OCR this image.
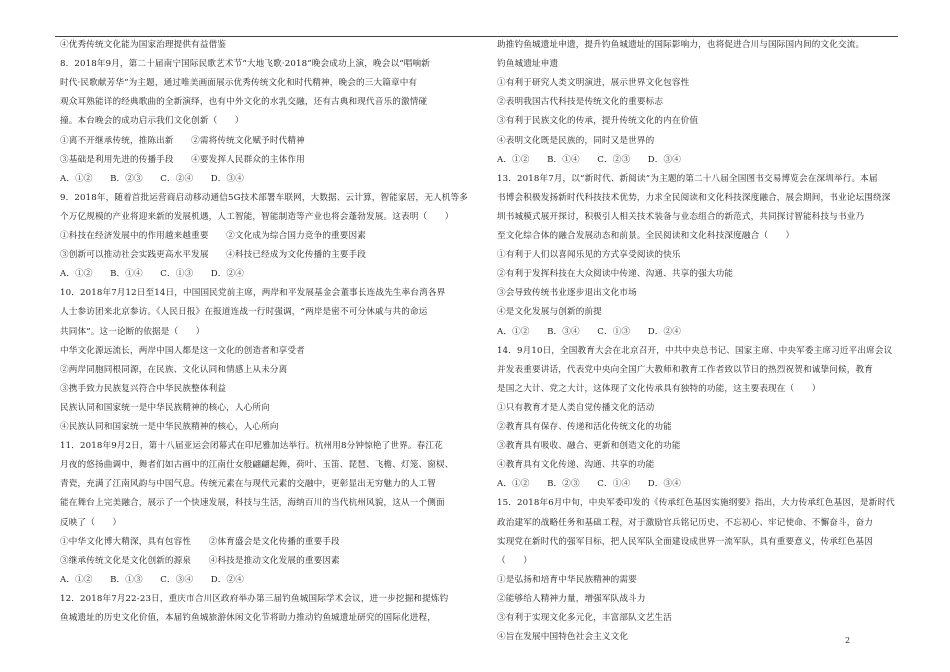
④优秀传统文化能为国家治理提供有益借鉴
8．2018年9月，第二十届南宁国际民歌艺术节“大地飞歌·2018”晚会成功上演，晚会以“唱响新
时代·民歌献芳华”为主题，通过唯美画面展示优秀传统文化和时代精神，晚会的三大篇章中有
观众耳熟能详的经典歌曲的全新演绎，也有中外文化的水乳交融，还有古典和现代音乐的激情碰
撞。本台晚会的成功启示我们文化创新（　　）
①离不开继承传统，推陈出新　　②需将传统文化赋予时代精神
③基础是利用先进的传播手段　　④要发挥人民群众的主体作用
A．①②　　B．②③　　C．②④　　D．③④
9．2018年，随着首批运营商启动移动通信5G技术部署车联网，大数据、云计算，智能家居，无人机等多
个万亿规模的产业将迎来新的发展机遇，人工智能，智能制造等产业也将会蓬勃发展。这表明（　　）
①科技在经济发展中的作用越来越重要　　②文化成为综合国力竞争的重要因素
③创新可以推动社会实践更高水平发展　　④科技已经成为文化传播的主要手段
A．①②　　B．①④　　C．①③　　D．②④
10．2018年7月12日至14日，中国国民党前主席，两岸和平发展基金会董事长连战先生率台湾各界
人士参访团来北京参访。《人民日报》在报道连战一行时强调，“两岸是密不可分休戚与共的命运
共同体”。这一论断的依据是（　　）
中华文化源远流长，两岸中国人都是这一文化的创造者和享受者
②两岸同胞同根同源，在民族、文化认同和情感上从未分离
③携手致力民族复兴符合中华民族整体利益
民族认同和国家统一是中华民族精神的核心，人心所向
④民族认同和国家统一是中华民族精神的核心，人心所向
11．2018年9月2日，第十八届亚运会闭幕式在印尼雅加达举行。杭州用8分钟惊艳了世界。春江花
月夜的悠扬曲调中，舞者们如古画中的江南仕女般翩翩起舞，荷叶、玉笛、琵琶、飞檐、灯笼、窗棂、
青瓷，充满了江南风韵与中国气息。传统元素在与现代元素的交融中，更彰显出无穷魅力的人工智
能在舞台上完美融合，展示了一个快速发展，科技与生活，海纳百川的当代杭州风貌，这从一个侧面
反映了（　　）
①中华文化博大精深，具有包容性　　②体育盛会是文化传播的重要手段
③继承传统文化是文化创新的源泉　　④科技是推动文化发展的重要因素
A．①②　　B．①③　　C．③④　　D．②④
12．2018年7月22-23日，重庆市合川区政府举办第三届钓鱼城国际学术会议，进一步挖掘和提炼钓
鱼城遗址的历史文化价值，本届钓鱼城旅游休闲文化节将助力推动钓鱼城遗址研究的国际化进程，
助推钓鱼城遗址申遗，提升钓鱼城遗址的国际影响力，也将促进合川与国际国内间的文化交流。
钓鱼城遗址申遗
①有利于研究人类文明演进，展示世界文化包容性
②表明我国古代科技是传统文化的重要标志
③有利于民族文化的传承，提升传统文化的内在价值
④表明文化既是民族的，同时又是世界的
A．①②　　B．①④　　C．②③　　D．③④
13．2018年7月，以“新时代、新阅读”为主题的第二十八届全国图书交易博览会在深圳举行。本届
书博会积极发扬新时代科技技术优势，力求全民阅读和文化科技深度融合，展会期间，书业论坛围绕深
圳书城模式展开探讨，积极引人相关技术装备与业态组合的新范式，共同探讨智能科技与书业乃
至文化综合体的融合发展动态和前景。全民阅读和文化科技深度融合（　　）
①有利于人们以喜闻乐见的方式享受阅读的快乐
②有利于发挥科技在大众阅读中传递、沟通、共享的强大功能
③会导致传统书业逐步退出文化市场
④是文化发展与创新的前提
A．①②　　B．③④　　C．①③　　D．②④
14．9月10日，全国教育大会在北京召开，中共中央总书记、国家主席、中央军委主席习近平出席会议
并发表重要讲话，代表党中央向全国广大教师和教育工作者致以节日的热烈祝贺和诚挚问候，教育
是国之大计、党之大计，这体现了文化传承具有独特的功能，这主要表现在（　　）
①只有教育才是人类自觉传播文化的活动
②教育具有保存、传递和活化传统文化的功能
③教育具有吸收、融合、更新和创造文化的功能
④教育具有文化传递、沟通、共享的功能
A．①②　　B．②③　　C．①④　　D．③④
15．2018年6月中旬，中央军委印发的《传承红色基因实施纲要》指出，大力传承红色基因，是新时代
政治建军的战略任务和基础工程，对于激励官兵铭记历史、不忘初心、牢记使命、不懈奋斗，奋力
实现党在新时代的强军目标，把人民军队全面建设成世界一流军队，具有重要意义，传承红色基因
（　　）
①是弘扬和培育中华民族精神的需要
②能够给人精神力量，增强军队战斗力
③有利于实现文化多元化，丰富部队文艺生活
④旨在发展中国特色社会主义文化	2
